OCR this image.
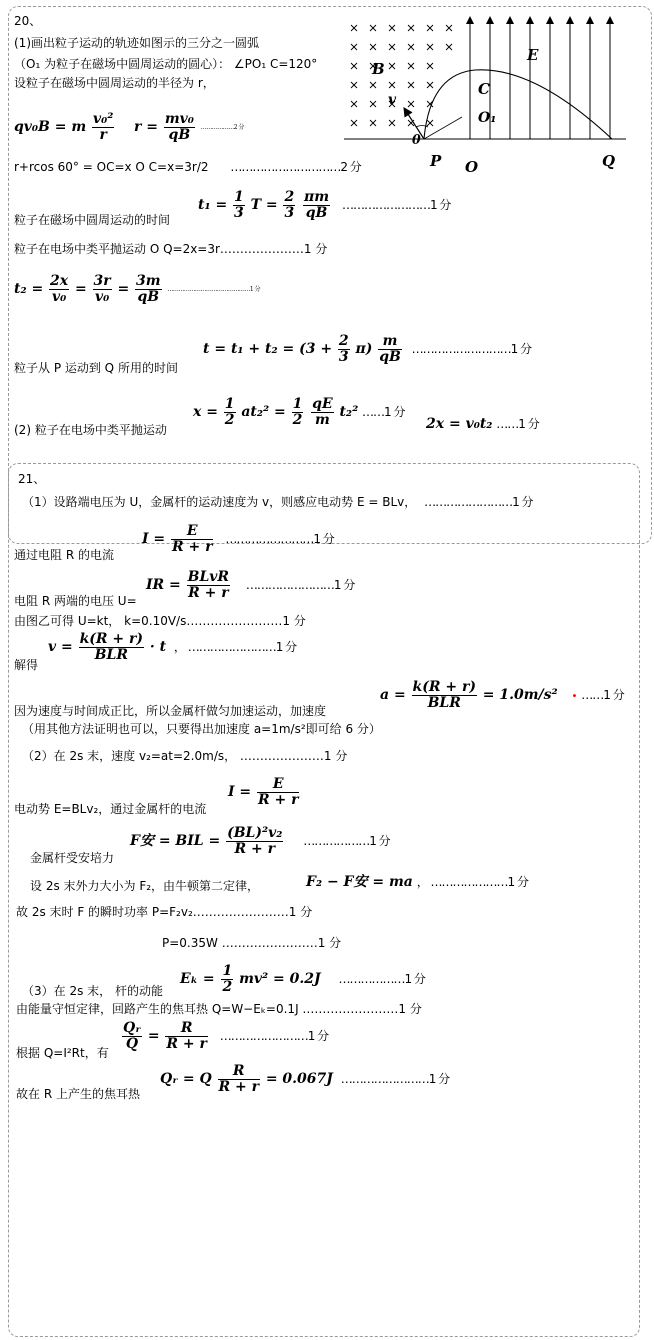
20、
(1)画出粒子运动的轨迹如图示的三分之一圆弧
（O₁ 为粒子在磁场中圆周运动的圆心）： ∠PO₁ C=120°
设粒子在磁场中圆周运动的半径为 r，
qv₀B = m $\frac{\text{v₀²}}{r}$ $r = \frac{\text{mv₀}}{qB}$ ………………2 分
r+rcos 60° = OC=x O C=x=3r/2 …………………………2 分
粒子在磁场中圆周运动的时间
$t_1 = \frac{1}{3}$ $T = \frac{2}{3}$
$\frac{\pi m}{qB}$ ……………………1 分
粒子在电场中类平抛运动 O Q=2x=3r…………………1 分
$t_2 = \frac{2x}{\text{v₀}} = \frac{3r}{\text{v₀}} = \frac{3m}{qB}$ ………………………………………1 分
粒子从 P 运动到 Q 所用的时间
$t = t_1 + t_2 = (3 + \frac{2}{3} \pi) \frac{m}{qB}$ ………………………1 分
(2) 粒子在电场中类平抛运动
$x = \frac{1}{2} at_2^2 = \frac{1}{2}$
$\frac{qE}{m} t_2^2$ ……1 分
2x = v₀t₂ ……1 分
B
E
v
C
O₁
θ
P O	Q
21、
（1）设路端电压为 U，金属杆的运动速度为 v，则感应电动势 E = BLv， ……………………1 分
通过电阻 R 的电流
$I = \frac{E}{R + r}$ ……………………1 分
电阻 R 两端的电压 U=
IR = $\frac{\text{BLvR}}{R + r}$ ……………………1 分
由图乙可得 U=kt， k=0.10V/s……………………1 分
解得
$v = \frac{k(R + r)}{\text{BLR}} \cdot t$ ， ……………………1 分
因为速度与时间成正比，所以金属杆做匀加速运动，加速度
$a = \frac{k(R + r)}{\text{BLR}} = 1.0m/s^2$ • ……1 分
（用其他方法证明也可以，只要得出加速度 a=1m/s²即可给 6 分）
（2）在 2s 末，速度 v₂=at=2.0m/s， …………………1 分
电动势 E=BLv₂，通过金属杆的电流
$I = \frac{E}{R + r}$
金属杆受安培力
F安 = BIL = $\frac{\text{(BL)²v₂}}{R + r}$ ………………1 分
设 2s 末外力大小为 F₂，由牛顿第二定律，	F₂ − F安 = ma ， …………………1 分
故 2s 末时 F 的瞬时功率 P=F₂v₂……………………1 分
P=0.35W ……………………1 分
（3）在 2s 末， 杆的动能
$E_k = \frac{1}{2} mv^2 = 0.2J$ ………………1 分
由能量守恒定律，回路产生的焦耳热 Q=W−Eₖ=0.1J ……………………1 分
根据 Q=I²Rt，有
$\frac{\text{Qᵣ}}{Q} = \frac{R}{R + r}$ ……………………1 分
故在 R 上产生的焦耳热
Qᵣ = Q $\frac{R}{R + r} = 0.067J$ ……………………1 分
